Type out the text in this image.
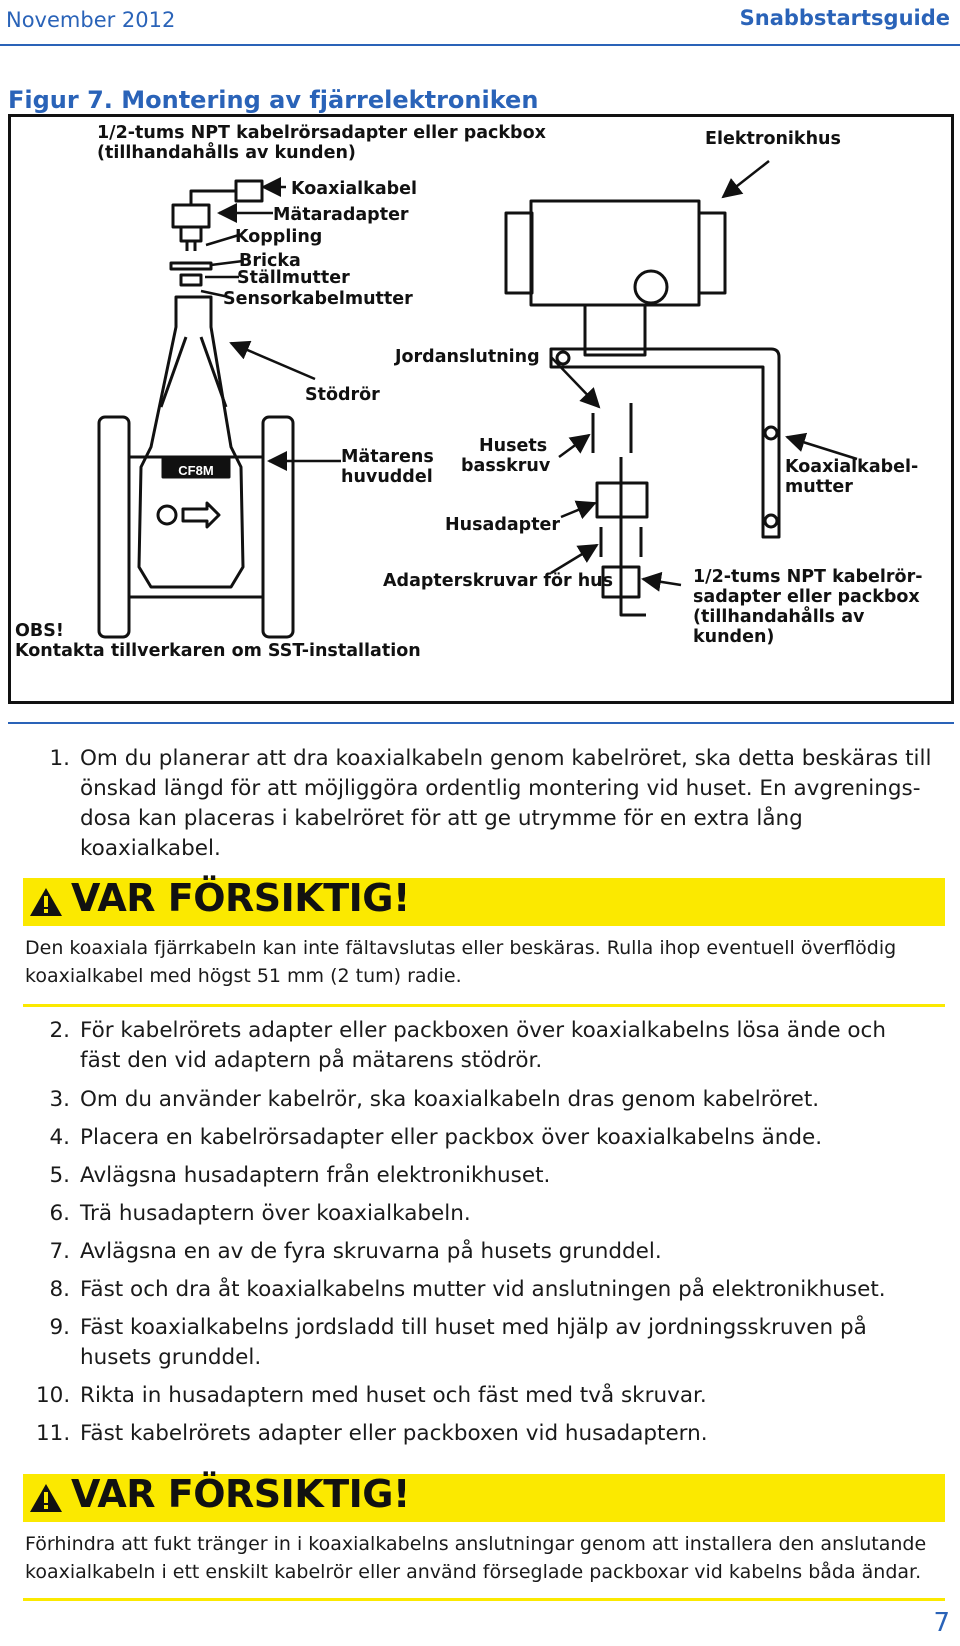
November 2012	Snabbstartsguide
Figur 7. Montering av fjärrelektroniken
CF8M
1/2-tums NPT kabelrörsadapter eller packbox
(tillhandahålls av kunden)
Elektronikhus
Koaxialkabel
Mätaradapter
Koppling
Bricka
Ställmutter
Sensorkabelmutter
Jordanslutning
Stödrör
Mätarens
huvuddel
Husets
basskruv	Koaxialkabel-
mutter
Husadapter
Adapterskruvar för hus	1/2-tums NPT kabelrör-
sadapter eller packbox
(tillhandahålls av
kunden)
OBS!
Kontakta tillverkaren om SST-installation
1. Om du planerar att dra koaxialkabeln genom kabelröret, ska detta beskäras till
önskad längd för att möjliggöra ordentlig montering vid huset. En avgrenings-
dosa kan placeras i kabelröret för att ge utrymme för en extra lång
koaxialkabel.
VAR FÖRSIKTIG!
Den koaxiala fjärrkabeln kan inte fältavslutas eller beskäras. Rulla ihop eventuell överflödig
koaxialkabel med högst 51 mm (2 tum) radie.
2. För kabelrörets adapter eller packboxen över koaxialkabelns lösa ände och
fäst den vid adaptern på mätarens stödrör.
3. Om du använder kabelrör, ska koaxialkabeln dras genom kabelröret.
4. Placera en kabelrörsadapter eller packbox över koaxialkabelns ände.
5. Avlägsna husadaptern från elektronikhuset.
6. Trä husadaptern över koaxialkabeln.
7. Avlägsna en av de fyra skruvarna på husets grunddel.
8. Fäst och dra åt koaxialkabelns mutter vid anslutningen på elektronikhuset.
9. Fäst koaxialkabelns jordsladd till huset med hjälp av jordningsskruven på
husets grunddel.
10. Rikta in husadaptern med huset och fäst med två skruvar.
11. Fäst kabelrörets adapter eller packboxen vid husadaptern.
VAR FÖRSIKTIG!
Förhindra att fukt tränger in i koaxialkabelns anslutningar genom att installera den anslutande
koaxialkabeln i ett enskilt kabelrör eller använd förseglade packboxar vid kabelns båda ändar.
7
